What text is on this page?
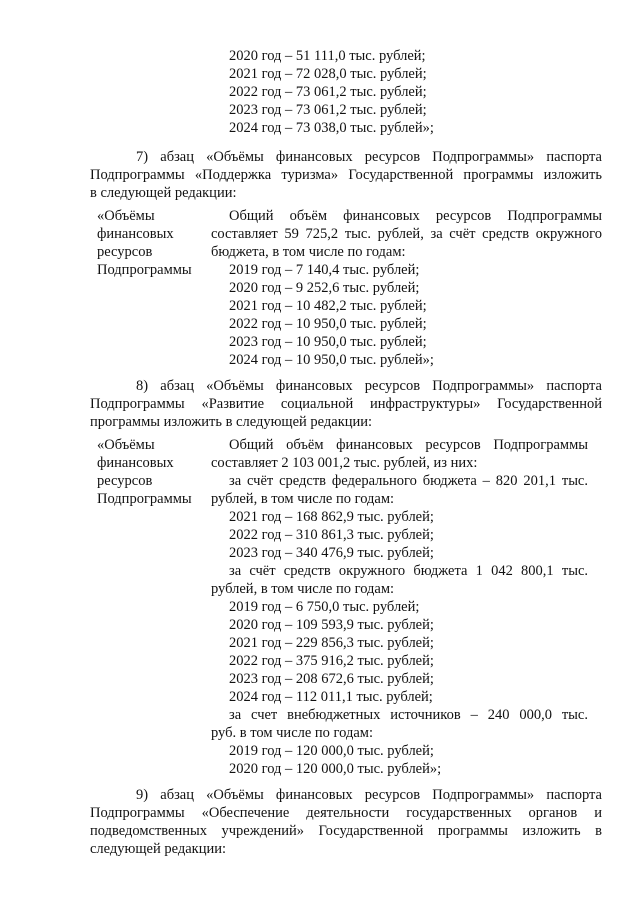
2020 год – 51 111,0 тыс. рублей;
2021 год – 72 028,0 тыс. рублей;
2022 год – 73 061,2 тыс. рублей;
2023 год – 73 061,2 тыс. рублей;
2024 год – 73 038,0 тыс. рублей»;
7) абзац «Объёмы финансовых ресурсов Подпрограммы» паспорта
Подпрограммы «Поддержка туризма» Государственной программы изложить
в следующей редакции:
«Объёмы
финансовых
ресурсов
Подпрограммы
Общий объём финансовых ресурсов Подпрограммы
составляет 59 725,2 тыс. рублей, за счёт средств окружного
бюджета, в том числе по годам:
2019 год – 7 140,4 тыс. рублей;
2020 год – 9 252,6 тыс. рублей;
2021 год – 10 482,2 тыс. рублей;
2022 год – 10 950,0 тыс. рублей;
2023 год – 10 950,0 тыс. рублей;
2024 год – 10 950,0 тыс. рублей»;
8) абзац «Объёмы финансовых ресурсов Подпрограммы» паспорта
Подпрограммы «Развитие социальной инфраструктуры» Государственной
программы изложить в следующей редакции:
«Объёмы
финансовых
ресурсов
Подпрограммы
Общий объём финансовых ресурсов Подпрограммы
составляет 2 103 001,2 тыс. рублей, из них:
за счёт средств федерального бюджета – 820 201,1 тыс.
рублей, в том числе по годам:
2021 год – 168 862,9 тыс. рублей;
2022 год – 310 861,3 тыс. рублей;
2023 год – 340 476,9 тыс. рублей;
за счёт средств окружного бюджета 1 042 800,1 тыс.
рублей, в том числе по годам:
2019 год – 6 750,0 тыс. рублей;
2020 год – 109 593,9 тыс. рублей;
2021 год – 229 856,3 тыс. рублей;
2022 год – 375 916,2 тыс. рублей;
2023 год – 208 672,6 тыс. рублей;
2024 год – 112 011,1 тыс. рублей;
за счет внебюджетных источников – 240 000,0 тыс.
руб. в том числе по годам:
2019 год – 120 000,0 тыс. рублей;
2020 год – 120 000,0 тыс. рублей»;
9) абзац «Объёмы финансовых ресурсов Подпрограммы» паспорта
Подпрограммы «Обеспечение деятельности государственных органов и
подведомственных учреждений» Государственной программы изложить в
следующей редакции:
